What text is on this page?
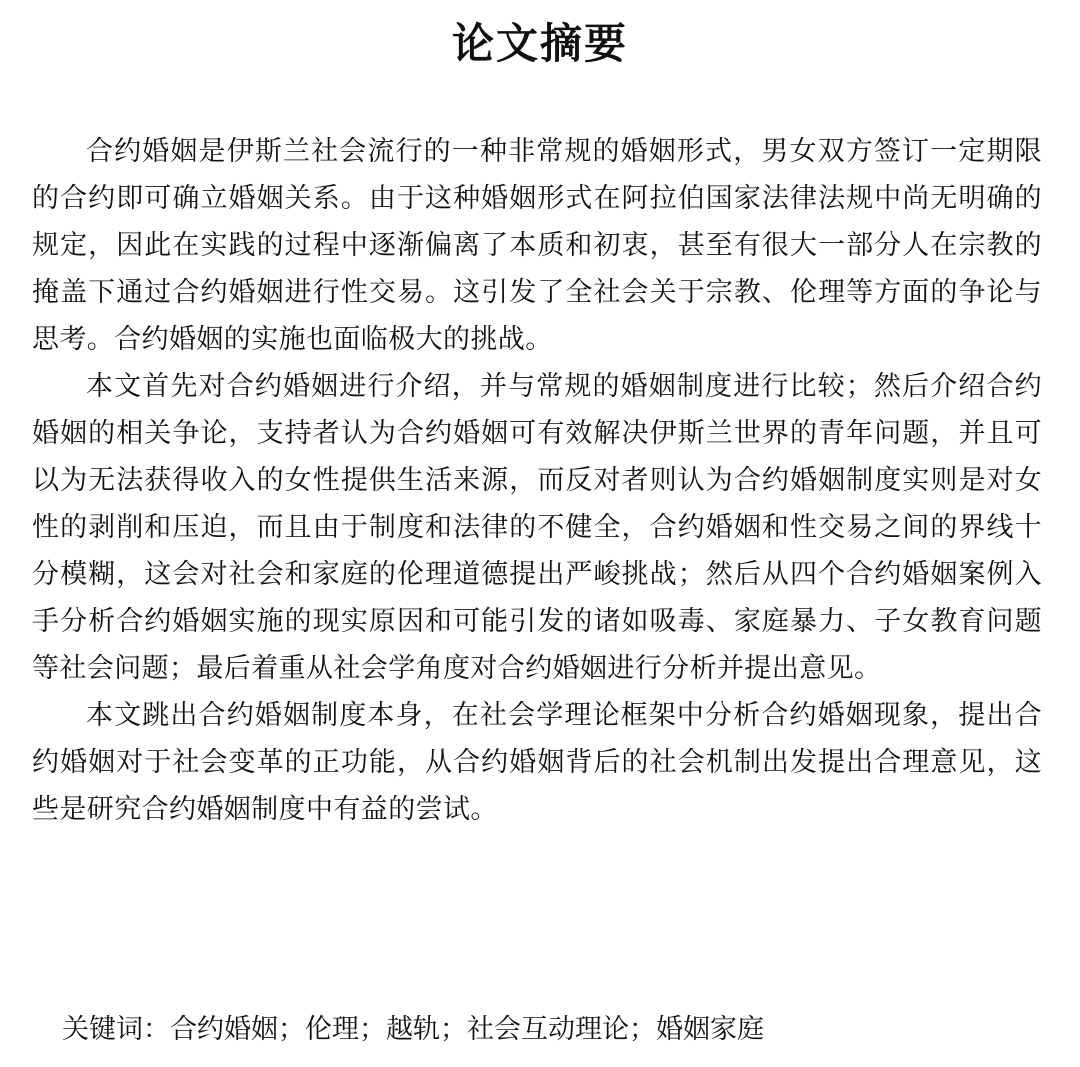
论文摘要

合约婚姻是伊斯兰社会流行的一种非常规的婚姻形式，男女双方签订一定期限的合约即可确立婚姻关系。由于这种婚姻形式在阿拉伯国家法律法规中尚无明确的规定，因此在实践的过程中逐渐偏离了本质和初衷，甚至有很大一部分人在宗教的掩盖下通过合约婚姻进行性交易。这引发了全社会关于宗教、伦理等方面的争论与思考。合约婚姻的实施也面临极大的挑战。

本文首先对合约婚姻进行介绍，并与常规的婚姻制度进行比较；然后介绍合约婚姻的相关争论，支持者认为合约婚姻可有效解决伊斯兰世界的青年问题，并且可以为无法获得收入的女性提供生活来源，而反对者则认为合约婚姻制度实则是对女性的剥削和压迫，而且由于制度和法律的不健全，合约婚姻和性交易之间的界线十分模糊，这会对社会和家庭的伦理道德提出严峻挑战；然后从四个合约婚姻案例入手分析合约婚姻实施的现实原因和可能引发的诸如吸毒、家庭暴力、子女教育问题等社会问题；最后着重从社会学角度对合约婚姻进行分析并提出意见。

本文跳出合约婚姻制度本身，在社会学理论框架中分析合约婚姻现象，提出合约婚姻对于社会变革的正功能，从合约婚姻背后的社会机制出发提出合理意见，这些是研究合约婚姻制度中有益的尝试。

关键词：合约婚姻；伦理；越轨；社会互动理论；婚姻家庭
